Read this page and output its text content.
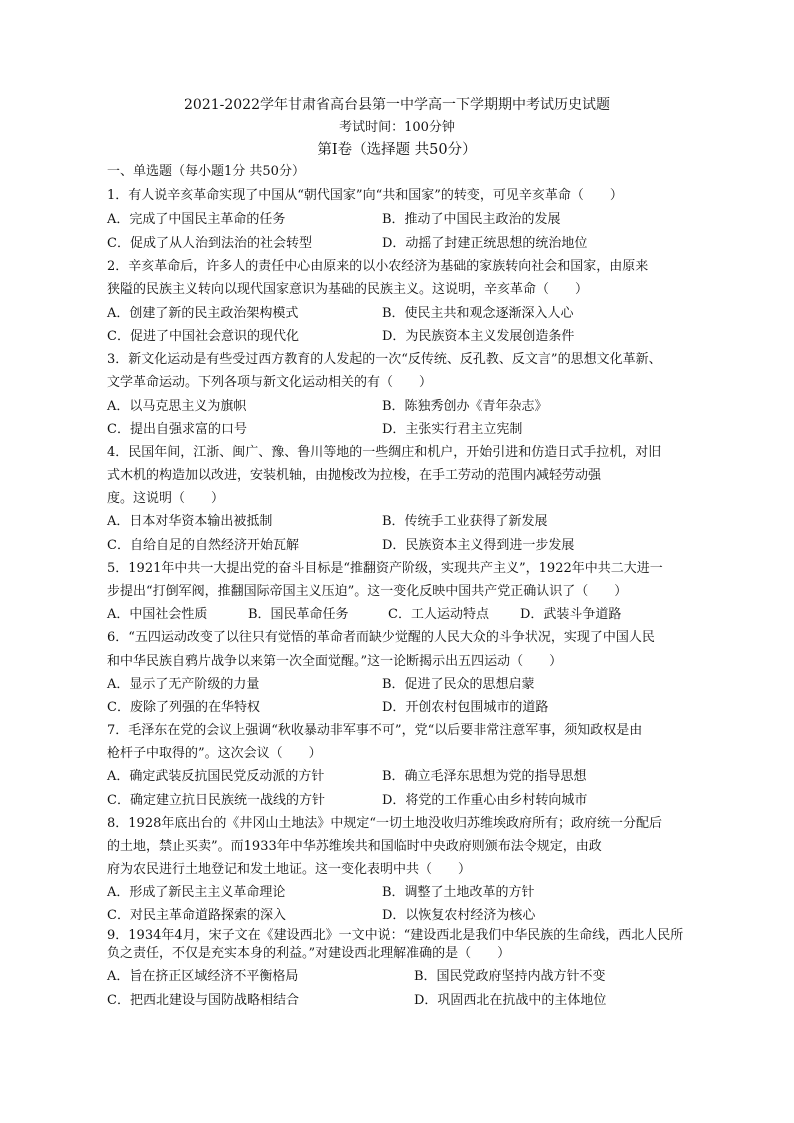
2021-2022学年甘肃省高台县第一中学高一下学期期中考试历史试题
考试时间：100分钟
第Ⅰ卷（选择题 共50分）
一、单选题（每小题1分 共50分）
1．有人说辛亥革命实现了中国从“朝代国家”向“共和国家”的转变，可见辛亥革命（　　）
A．完成了中国民主革命的任务	B．推动了中国民主政治的发展
C．促成了从人治到法治的社会转型	D．动摇了封建正统思想的统治地位
2．辛亥革命后，许多人的责任中心由原来的以小农经济为基础的家族转向社会和国家，由原来
狭隘的民族主义转向以现代国家意识为基础的民族主义。这说明，辛亥革命（　　）
A．创建了新的民主政治架构模式	B．使民主共和观念逐渐深入人心
C．促进了中国社会意识的现代化	D．为民族资本主义发展创造条件
3．新文化运动是有些受过西方教育的人发起的一次“反传统、反孔教、反文言”的思想文化革新、
文学革命运动。下列各项与新文化运动相关的有（　　）
A．以马克思主义为旗帜	B．陈独秀创办《青年杂志》
C．提出自强求富的口号	D．主张实行君主立宪制
4．民国年间，江浙、闽广、豫、鲁川等地的一些绸庄和机户，开始引进和仿造日式手拉机，对旧
式木机的构造加以改进，安装机轴，由抛梭改为拉梭，在手工劳动的范围内减轻劳动强
度。这说明（　　）
A．日本对华资本输出被抵制	B．传统手工业获得了新发展
C．自给自足的自然经济开始瓦解	D．民族资本主义得到进一步发展
5．1921年中共一大提出党的奋斗目标是“推翻资产阶级，实现共产主义”，1922年中共二大进一
步提出“打倒军阀，推翻国际帝国主义压迫”。这一变化反映中国共产党正确认识了（　　）
A．中国社会性质	B．国民革命任务	C．工人运动特点 D．武装斗争道路
6．“五四运动改变了以往只有觉悟的革命者而缺少觉醒的人民大众的斗争状况，实现了中国人民
和中华民族自鸦片战争以来第一次全面觉醒。”这一论断揭示出五四运动（　　）
A．显示了无产阶级的力量	B．促进了民众的思想启蒙
C．废除了列强的在华特权	D．开创农村包围城市的道路
7．毛泽东在党的会议上强调“秋收暴动非军事不可”，党“以后要非常注意军事，须知政权是由
枪杆子中取得的”。这次会议（　　）
A．确定武装反抗国民党反动派的方针	B．确立毛泽东思想为党的指导思想
C．确定建立抗日民族统一战线的方针	D．将党的工作重心由乡村转向城市
8．1928年底出台的《井冈山土地法》中规定“一切土地没收归苏维埃政府所有；政府统一分配后
的土地，禁止买卖”。而1933年中华苏维埃共和国临时中央政府则颁布法令规定，由政
府为农民进行土地登记和发土地证。这一变化表明中共（　　）
A．形成了新民主主义革命理论	B．调整了土地改革的方针
C．对民主革命道路探索的深入	D．以恢复农村经济为核心
9．1934年4月，宋子文在《建设西北》一文中说：“建设西北是我们中华民族的生命线，西北人民所
负之责任，不仅是充实本身的利益。”对建设西北理解准确的是（　　）
A．旨在挤正区域经济不平衡格局	B．国民党政府坚持内战方针不变
C．把西北建设与国防战略相结合	D．巩固西北在抗战中的主体地位
